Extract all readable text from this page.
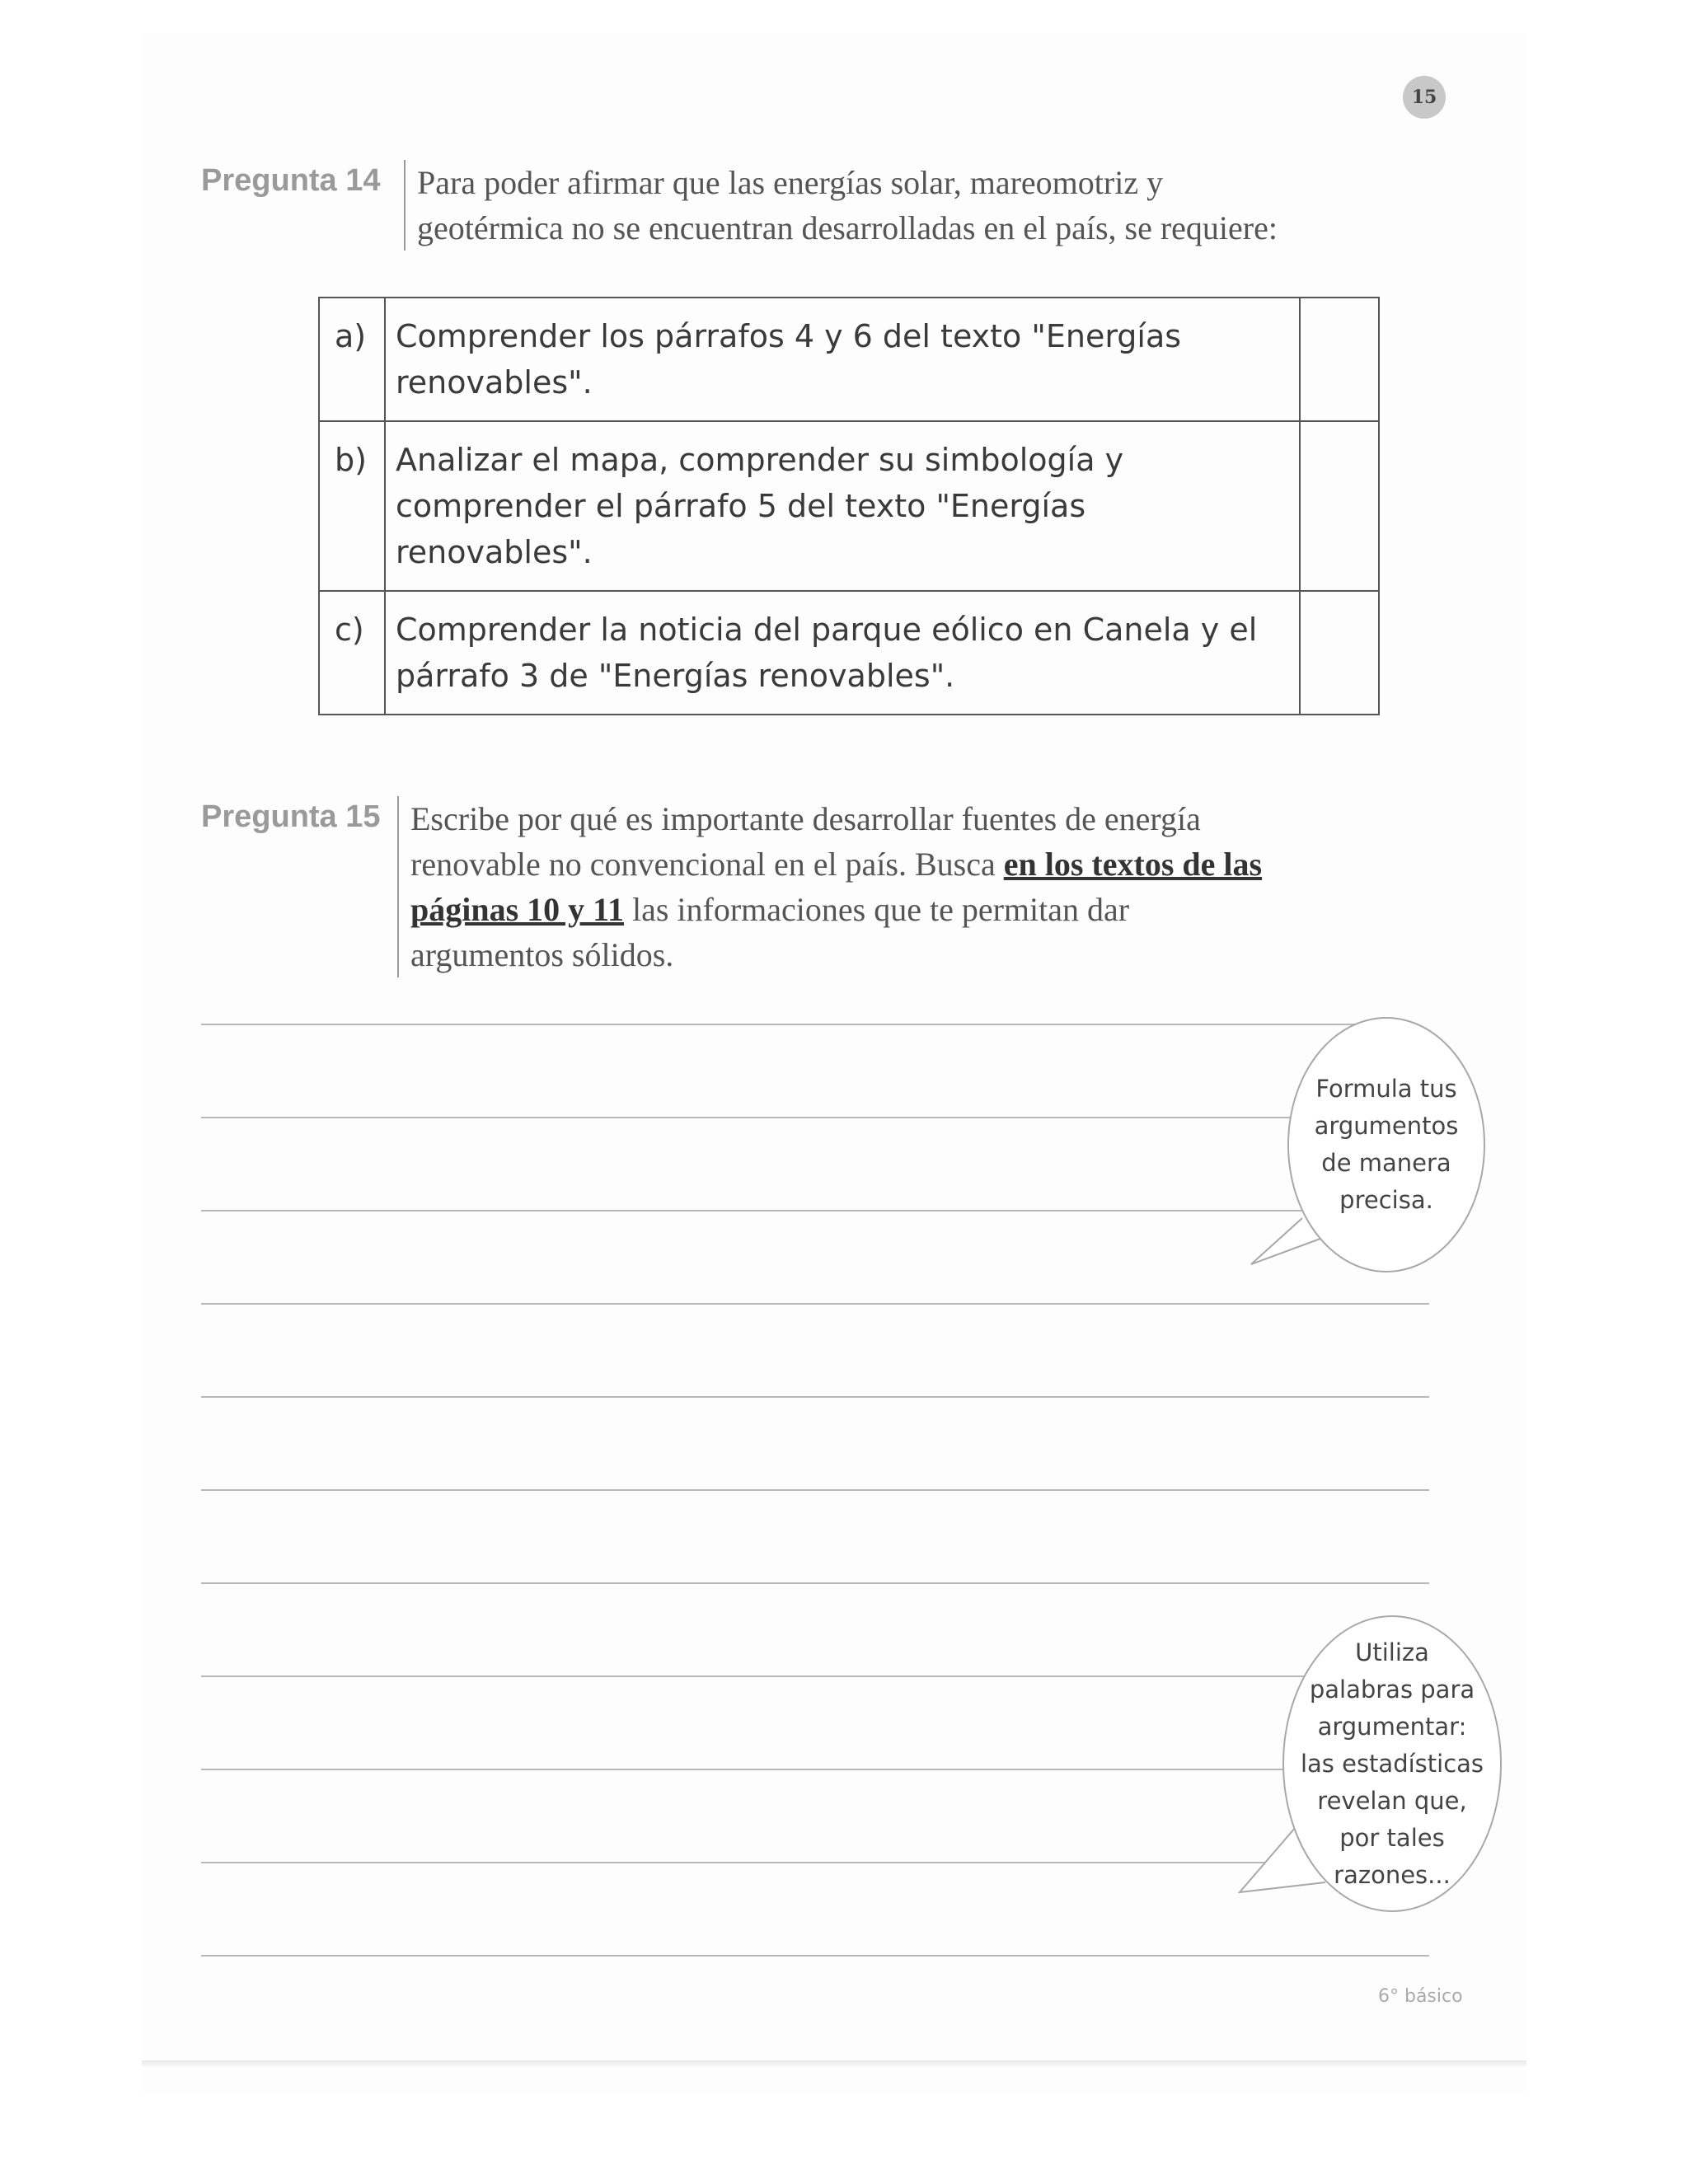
15
Pregunta 14 Para poder afirmar que las energías solar, mareomotriz y
geotérmica no se encuentran desarrolladas en el país, se requiere:
a)	Comprender los párrafos 4 y 6 del texto "Energías
renovables".	

b)	Analizar el mapa, comprender su simbología y
comprender el párrafo 5 del texto "Energías renovables".	

c)	Comprender la noticia del parque eólico en Canela y el
párrafo 3 de "Energías renovables".	

Pregunta 15 Escribe por qué es importante desarrollar fuentes de energía
renovable no convencional en el país. Busca en los textos de las
páginas 10 y 11 las informaciones que te permitan dar
argumentos sólidos.
Formula tus
argumentos
de manera
precisa.
Utiliza
palabras para
argumentar:
las estadísticas
revelan que,
por tales
razones...
6° básico
